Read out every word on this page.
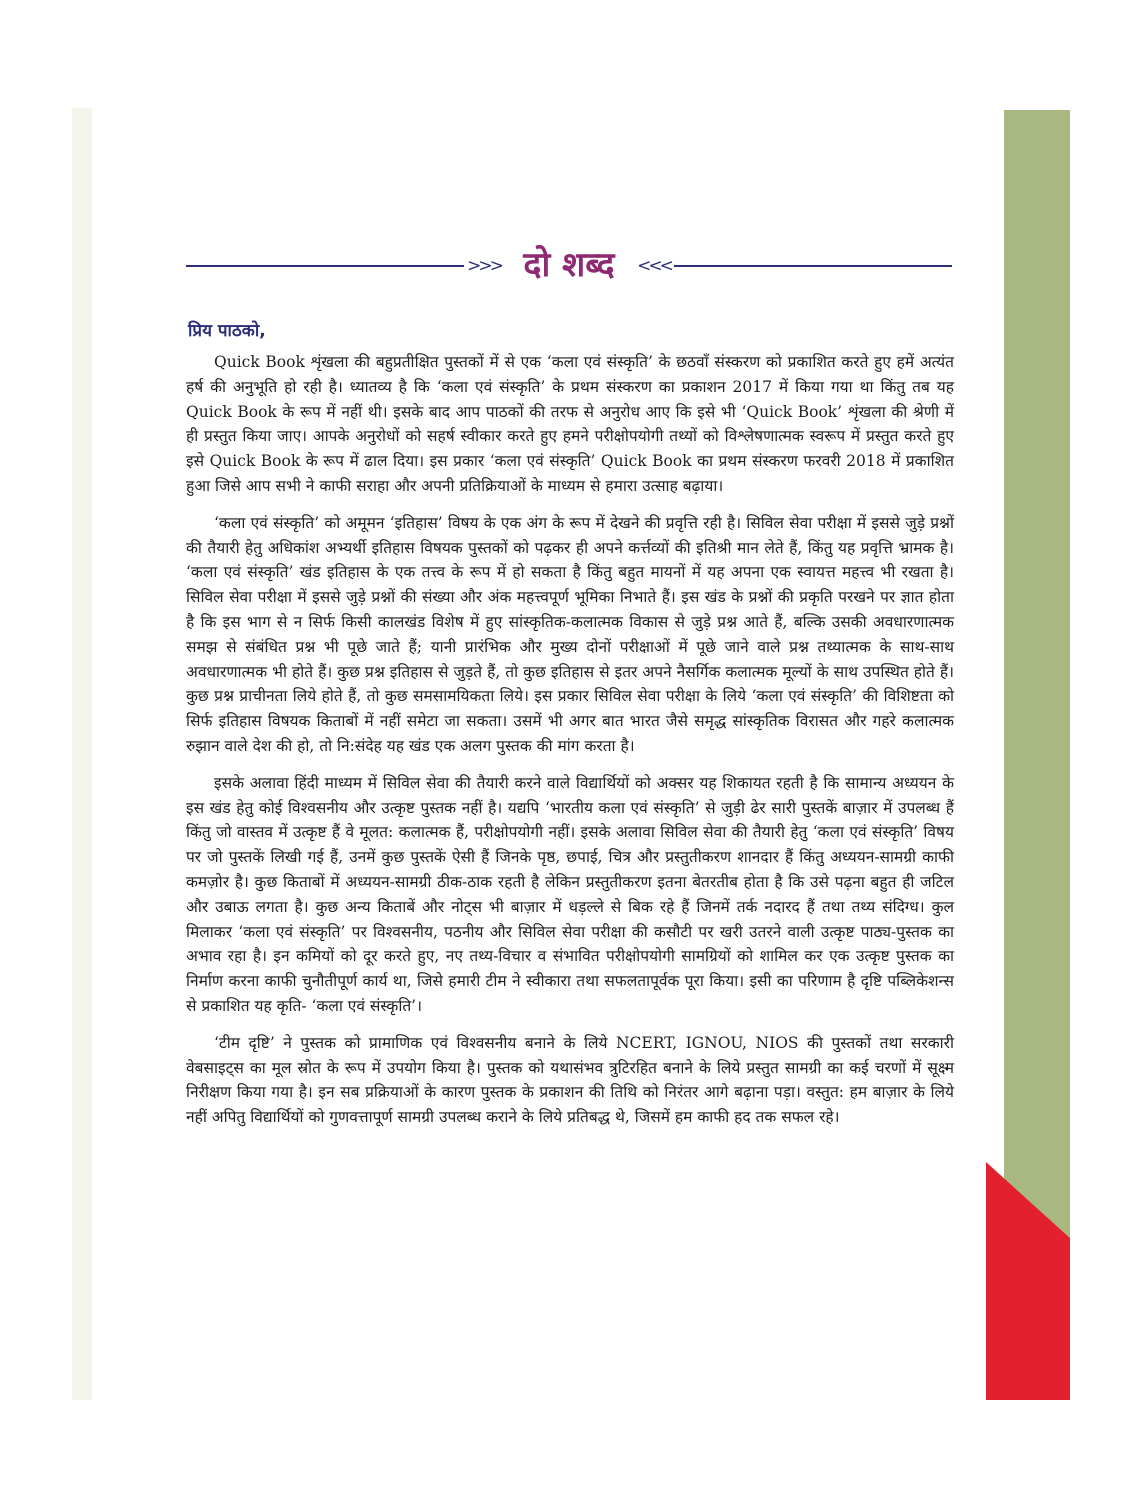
>>> दो शब्द	<<<
प्रिय पाठको,

Quick Book शृंखला की बहुप्रतीक्षित पुस्तकों में से एक ‘कला एवं संस्कृति’ के छठवाँ संस्करण को प्रकाशित करते हुए हमें अत्यंत हर्ष की अनुभूति हो रही है। ध्यातव्य है कि ‘कला एवं संस्कृति’ के प्रथम संस्करण का प्रकाशन 2017 में किया गया था किंतु तब यह Quick Book के रूप में नहीं थी। इसके बाद आप पाठकों की तरफ से अनुरोध आए कि इसे भी ‘Quick Book’ शृंखला की श्रेणी में ही प्रस्तुत किया जाए। आपके अनुरोधों को सहर्ष स्वीकार करते हुए हमने परीक्षोपयोगी तथ्यों को विश्लेषणात्मक स्वरूप में प्रस्तुत करते हुए इसे Quick Book के रूप में ढाल दिया। इस प्रकार ‘कला एवं संस्कृति’ Quick Book का प्रथम संस्करण फरवरी 2018 में प्रकाशित हुआ जिसे आप सभी ने काफी सराहा और अपनी प्रतिक्रियाओं के माध्यम से हमारा उत्साह बढ़ाया।

‘कला एवं संस्कृति’ को अमूमन ‘इतिहास’ विषय के एक अंग के रूप में देखने की प्रवृत्ति रही है। सिविल सेवा परीक्षा में इससे जुड़े प्रश्नों की तैयारी हेतु अधिकांश अभ्यर्थी इतिहास विषयक पुस्तकों को पढ़कर ही अपने कर्त्तव्यों की इतिश्री मान लेते हैं, किंतु यह प्रवृत्ति भ्रामक है। ‘कला एवं संस्कृति’ खंड इतिहास के एक तत्त्व के रूप में हो सकता है किंतु बहुत मायनों में यह अपना एक स्वायत्त महत्त्व भी रखता है। सिविल सेवा परीक्षा में इससे जुड़े प्रश्नों की संख्या और अंक महत्त्वपूर्ण भूमिका निभाते हैं। इस खंड के प्रश्नों की प्रकृति परखने पर ज्ञात होता है कि इस भाग से न सिर्फ किसी कालखंड विशेष में हुए सांस्कृतिक-कलात्मक विकास से जुड़े प्रश्न आते हैं, बल्कि उसकी अवधारणात्मक समझ से संबंधित प्रश्न भी पूछे जाते हैं; यानी प्रारंभिक और मुख्य दोनों परीक्षाओं में पूछे जाने वाले प्रश्न तथ्यात्मक के साथ-साथ अवधारणात्मक भी होते हैं। कुछ प्रश्न इतिहास से जुड़ते हैं, तो कुछ इतिहास से इतर अपने नैसर्गिक कलात्मक मूल्यों के साथ उपस्थित होते हैं। कुछ प्रश्न प्राचीनता लिये होते हैं, तो कुछ समसामयिकता लिये। इस प्रकार सिविल सेवा परीक्षा के लिये ‘कला एवं संस्कृति’ की विशिष्टता को सिर्फ इतिहास विषयक किताबों में नहीं समेटा जा सकता। उसमें भी अगर बात भारत जैसे समृद्ध सांस्कृतिक विरासत और गहरे कलात्मक रुझान वाले देश की हो, तो नि:संदेह यह खंड एक अलग पुस्तक की मांग करता है।

इसके अलावा हिंदी माध्यम में सिविल सेवा की तैयारी करने वाले विद्यार्थियों को अक्सर यह शिकायत रहती है कि सामान्य अध्ययन के इस खंड हेतु कोई विश्वसनीय और उत्कृष्ट पुस्तक नहीं है। यद्यपि ‘भारतीय कला एवं संस्कृति’ से जुड़ी ढेर सारी पुस्तकें बाज़ार में उपलब्ध हैं किंतु जो वास्तव में उत्कृष्ट हैं वे मूलत: कलात्मक हैं, परीक्षोपयोगी नहीं। इसके अलावा सिविल सेवा की तैयारी हेतु ‘कला एवं संस्कृति’ विषय पर जो पुस्तकें लिखी गई हैं, उनमें कुछ पुस्तकें ऐसी हैं जिनके पृष्ठ, छपाई, चित्र और प्रस्तुतीकरण शानदार हैं किंतु अध्ययन-सामग्री काफी कमज़ोर है। कुछ किताबों में अध्ययन-सामग्री ठीक-ठाक रहती है लेकिन प्रस्तुतीकरण इतना बेतरतीब होता है कि उसे पढ़ना बहुत ही जटिल और उबाऊ लगता है। कुछ अन्य किताबें और नोट्स भी बाज़ार में धड़ल्ले से बिक रहे हैं जिनमें तर्क नदारद हैं तथा तथ्य संदिग्ध। कुल मिलाकर ‘कला एवं संस्कृति’ पर विश्वसनीय, पठनीय और सिविल सेवा परीक्षा की कसौटी पर खरी उतरने वाली उत्कृष्ट पाठ्य-पुस्तक का अभाव रहा है। इन कमियों को दूर करते हुए, नए तथ्य-विचार व संभावित परीक्षोपयोगी सामग्रियों को शामिल कर एक उत्कृष्ट पुस्तक का निर्माण करना काफी चुनौतीपूर्ण कार्य था, जिसे हमारी टीम ने स्वीकारा तथा सफलतापूर्वक पूरा किया। इसी का परिणाम है दृष्टि पब्लिकेशन्स से प्रकाशित यह कृति- ‘कला एवं संस्कृति’।

‘टीम दृष्टि’ ने पुस्तक को प्रामाणिक एवं विश्वसनीय बनाने के लिये NCERT, IGNOU, NIOS की पुस्तकों तथा सरकारी वेबसाइट्स का मूल स्रोत के रूप में उपयोग किया है। पुस्तक को यथासंभव त्रुटिरहित बनाने के लिये प्रस्तुत सामग्री का कई चरणों में सूक्ष्म निरीक्षण किया गया है। इन सब प्रक्रियाओं के कारण पुस्तक के प्रकाशन की तिथि को निरंतर आगे बढ़ाना पड़ा। वस्तुत: हम बाज़ार के लिये नहीं अपितु विद्यार्थियों को गुणवत्तापूर्ण सामग्री उपलब्ध कराने के लिये प्रतिबद्ध थे, जिसमें हम काफी हद तक सफल रहे।
